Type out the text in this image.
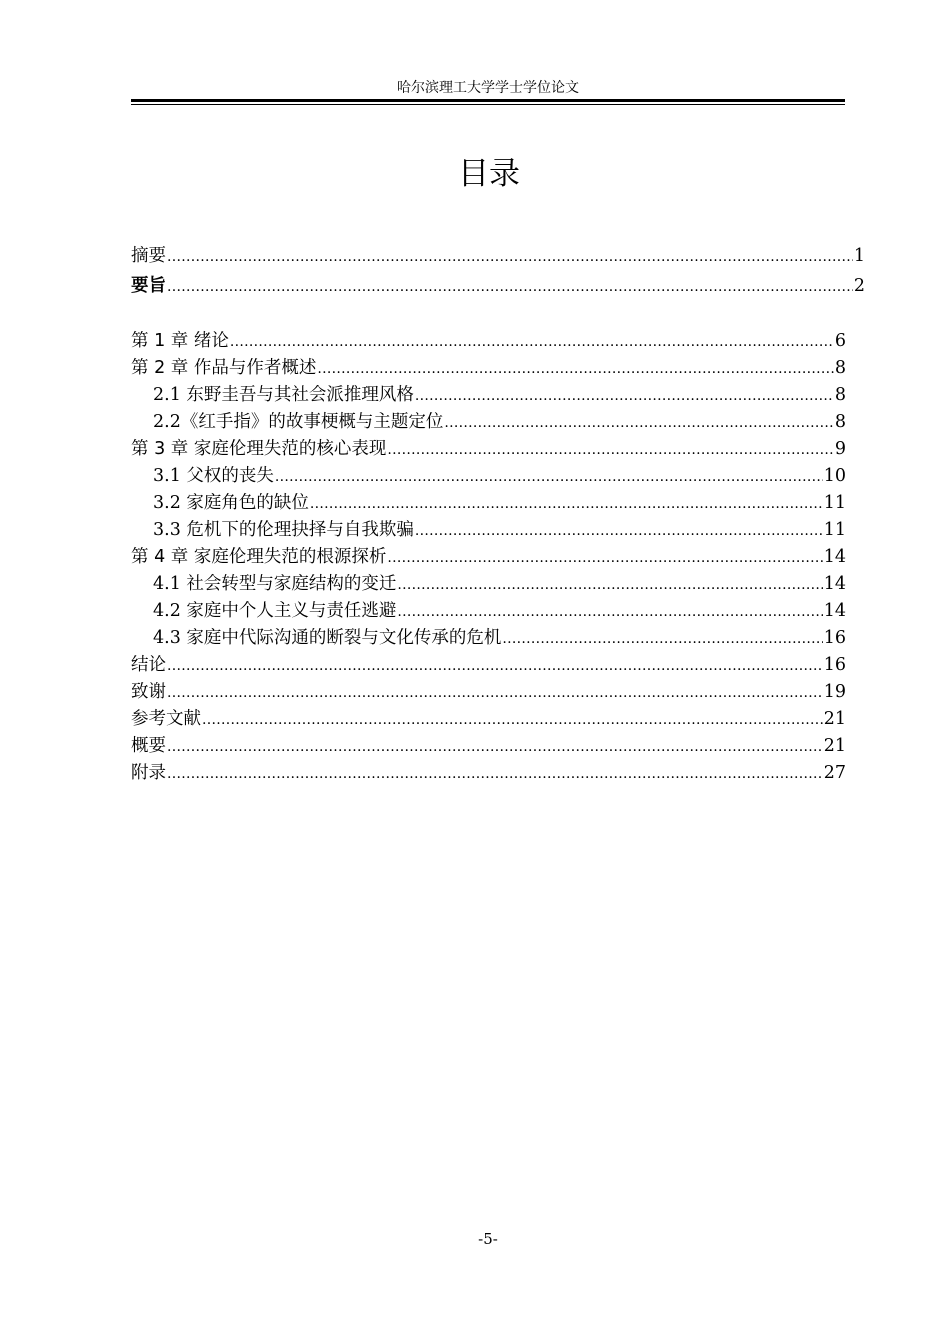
哈尔滨理工大学学士学位论文
目录
摘要 .....	1
要旨 .....	2
第 1 章 绪论 .....	6
第 2 章 作品与作者概述 .....	8
2.1 东野圭吾与其社会派推理风格 .....	8
2.2《红手指》的故事梗概与主题定位 .....	8
第 3 章 家庭伦理失范的核心表现 .....	9
3.1 父权的丧失 .....	10
3.2 家庭角色的缺位 .....	11
3.3 危机下的伦理抉择与自我欺骗 .....	11
第 4 章 家庭伦理失范的根源探析 .....	14
4.1 社会转型与家庭结构的变迁 .....	14
4.2 家庭中个人主义与责任逃避 .....	14
4.3 家庭中代际沟通的断裂与文化传承的危机 .....	16
结论 .....	16
致谢 .....	19
参考文献 .....	21
概要 .....	21
附录 .....	27
-5-
